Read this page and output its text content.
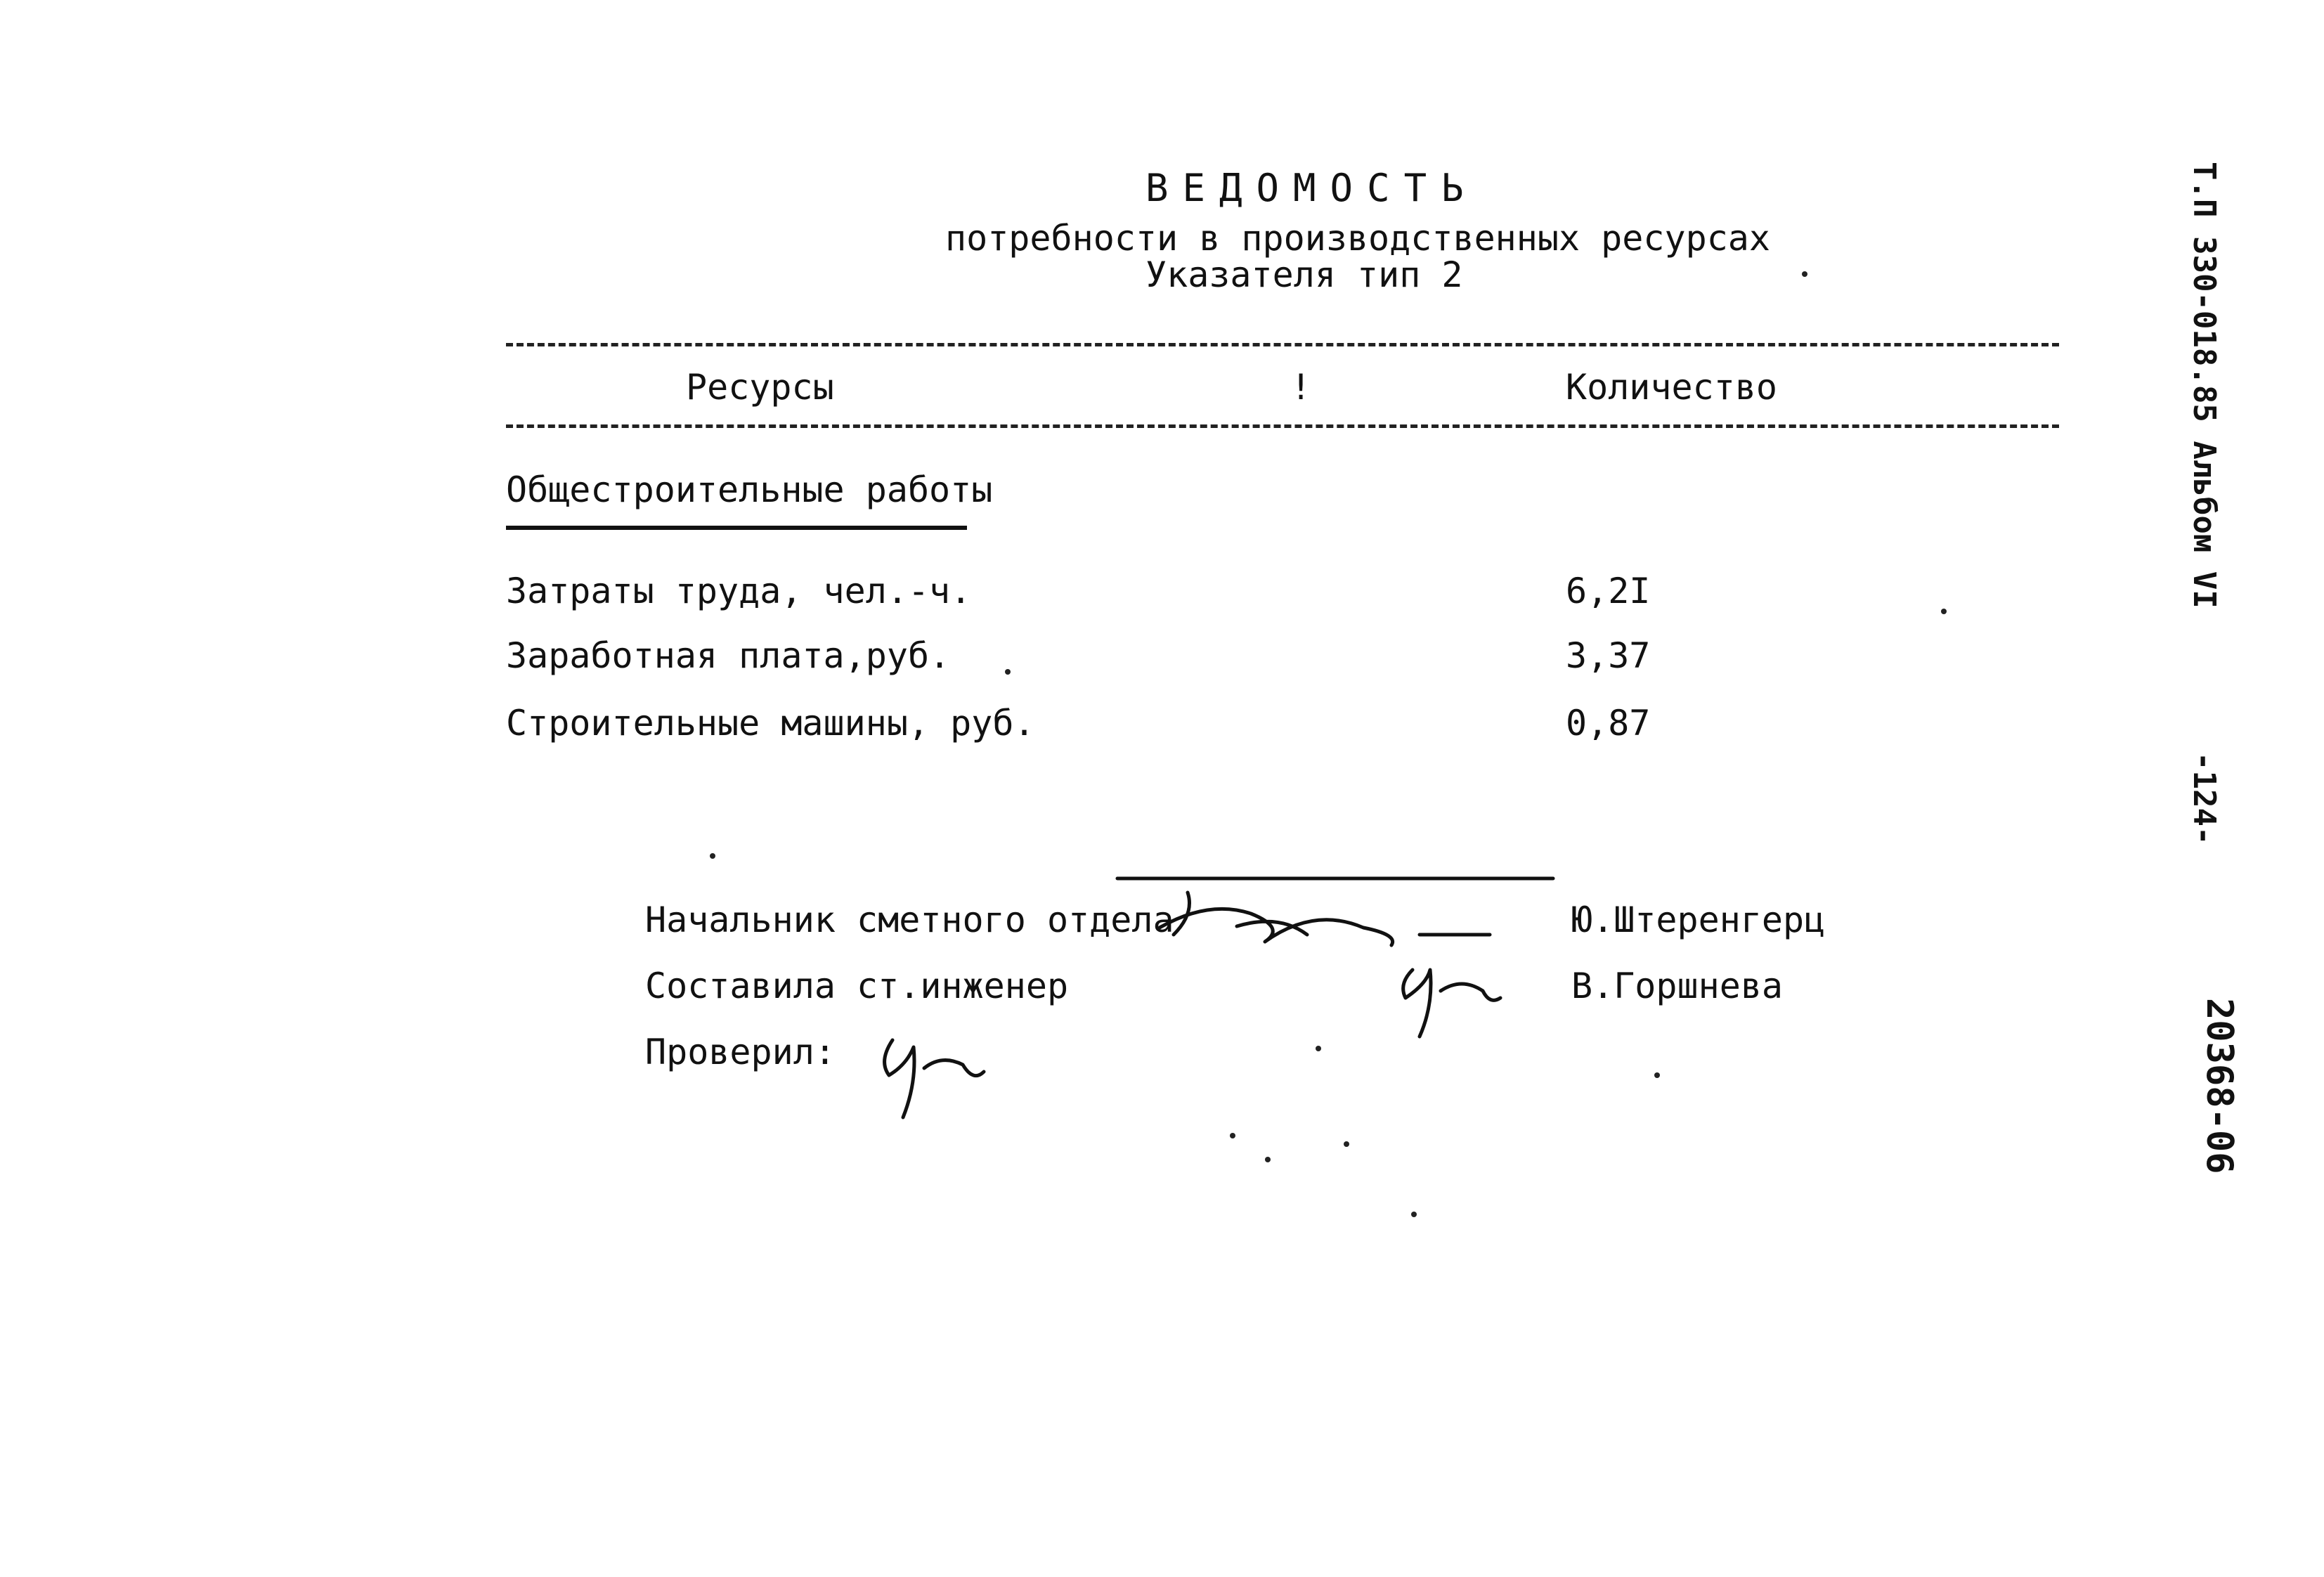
ВЕДОМОСТЬ
потребности в производственных ресурсах
Указателя тип 2
Ресурсы	!	Количество
Общестроительные работы
Затраты труда, чел.-ч.	6,2I
Заработная плата,руб.	3,37
Строительные машины, руб.	0,87
Начальник сметного отдела	Ю.Штеренгерц
Составила ст.инженер	В.Горшнева
Проверил:
Т.П 330-018.85 Альбом VI
-124-
20368-06
